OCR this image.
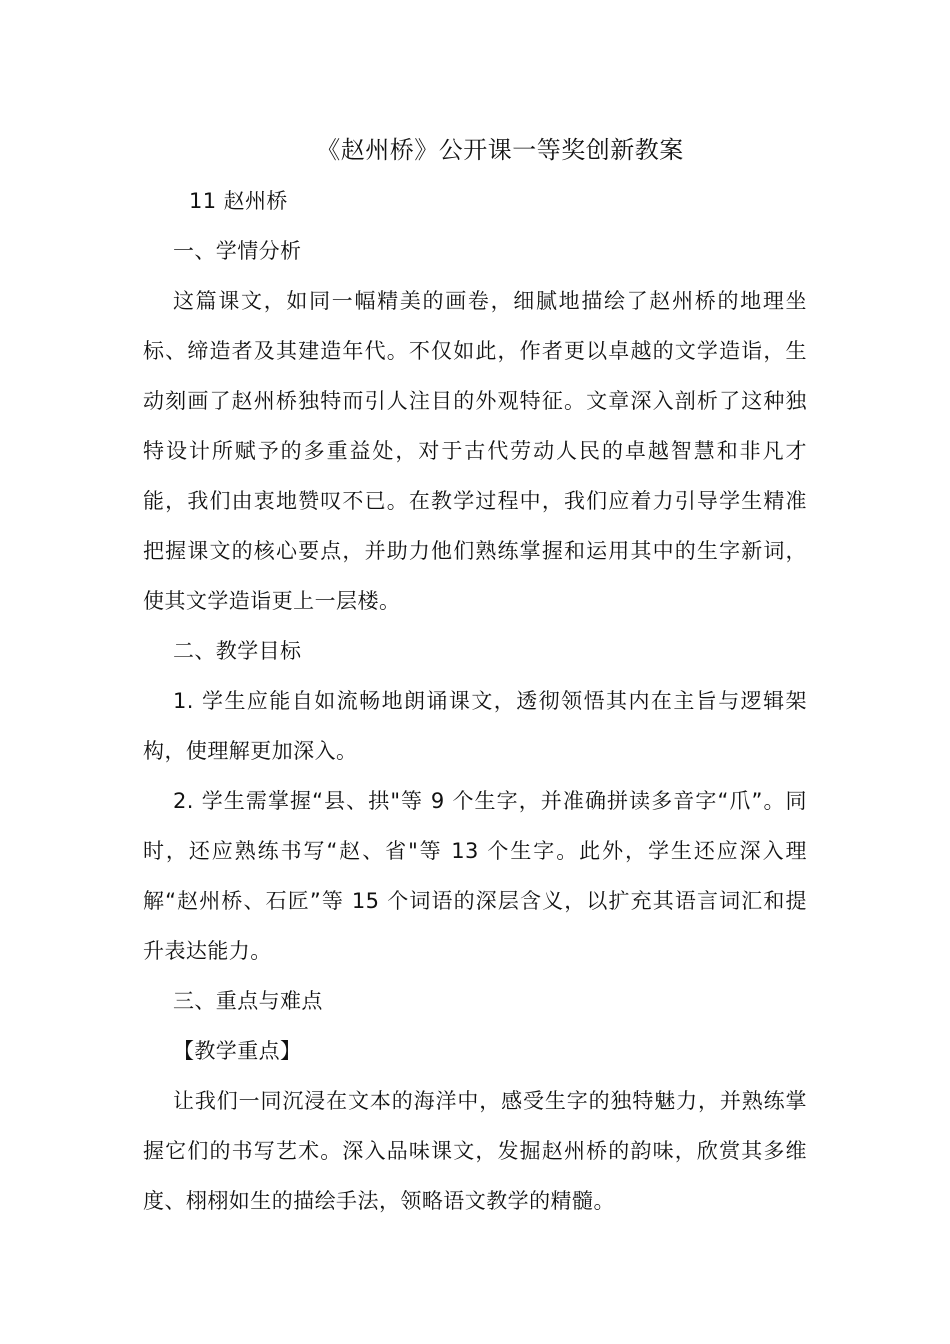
《赵州桥》公开课一等奖创新教案

11 赵州桥

一、学情分析

这篇课文，如同一幅精美的画卷，细腻地描绘了赵州桥的地理坐标、缔造者及其建造年代。不仅如此，作者更以卓越的文学造诣，生动刻画了赵州桥独特而引人注目的外观特征。文章深入剖析了这种独特设计所赋予的多重益处，对于古代劳动人民的卓越智慧和非凡才能，我们由衷地赞叹不已。在教学过程中，我们应着力引导学生精准把握课文的核心要点，并助力他们熟练掌握和运用其中的生字新词，使其文学造诣更上一层楼。

二、教学目标

1. 学生应能自如流畅地朗诵课文，透彻领悟其内在主旨与逻辑架构，使理解更加深入。

2. 学生需掌握“县、拱"等 9 个生字，并准确拼读多音字“爪”。同时，还应熟练书写“赵、省"等 13 个生字。此外，学生还应深入理解“赵州桥、石匠”等 15 个词语的深层含义，以扩充其语言词汇和提升表达能力。

三、重点与难点

【教学重点】

让我们一同沉浸在文本的海洋中，感受生字的独特魅力，并熟练掌握它们的书写艺术。深入品味课文，发掘赵州桥的韵味，欣赏其多维度、栩栩如生的描绘手法，领略语文教学的精髓。
